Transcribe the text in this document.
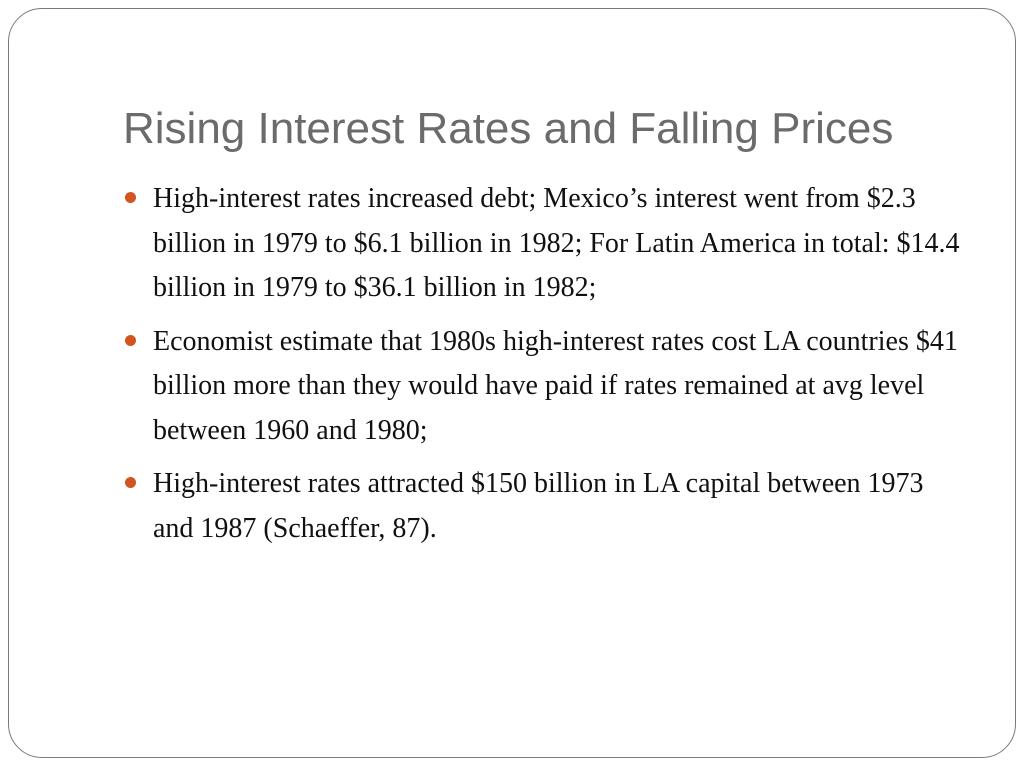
Rising Interest Rates and Falling Prices
High-interest rates increased debt; Mexico’s interest went from $2.3 billion in 1979 to $6.1 billion in 1982; For Latin America in total: $14.4 billion in 1979 to $36.1 billion in 1982;
Economist estimate that 1980s high-interest rates cost LA countries $41 billion more than they would have paid if rates remained at avg level between 1960 and 1980;
High-interest rates attracted $150 billion in LA capital between 1973 and 1987 (Schaeffer, 87).
